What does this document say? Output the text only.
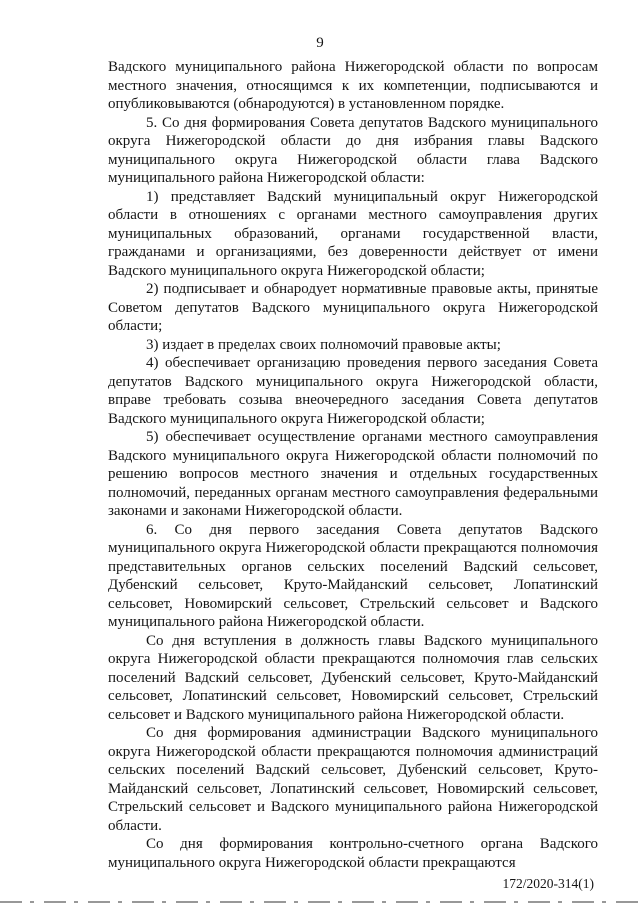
9

Вадского муниципального района Нижегородской области по вопросам местного значения, относящимся к их компетенции, подписываются и опубликовываются (обнародуются) в установленном порядке.

5. Со дня формирования Совета депутатов Вадского муниципального округа Нижегородской области до дня избрания главы Вадского муниципального округа Нижегородской области глава Вадского муниципального района Нижегородской области:

1) представляет Вадский муниципальный округ Нижегородской области в отношениях с органами местного самоуправления других муниципальных образований, органами государственной власти, гражданами и организациями, без доверенности действует от имени Вадского муниципального округа Нижегородской области;

2) подписывает и обнародует нормативные правовые акты, принятые Советом депутатов Вадского муниципального округа Нижегородской области;

3) издает в пределах своих полномочий правовые акты;

4) обеспечивает организацию проведения первого заседания Совета депутатов Вадского муниципального округа Нижегородской области, вправе требовать созыва внеочередного заседания Совета депутатов Вадского муниципального округа Нижегородской области;

5) обеспечивает осуществление органами местного самоуправления Вадского муниципального округа Нижегородской области полномочий по решению вопросов местного значения и отдельных государственных полномочий, переданных органам местного самоуправления федеральными законами и законами Нижегородской области.

6. Со дня первого заседания Совета депутатов Вадского муниципального округа Нижегородской области прекращаются полномочия представительных органов сельских поселений Вадский сельсовет, Дубенский сельсовет, Круто-Майданский сельсовет, Лопатинский сельсовет, Новомирский сельсовет, Стрельский сельсовет и Вадского муниципального района Нижегородской области.

Со дня вступления в должность главы Вадского муниципального округа Нижегородской области прекращаются полномочия глав сельских поселений Вадский сельсовет, Дубенский сельсовет, Круто-Майданский сельсовет, Лопатинский сельсовет, Новомирский сельсовет, Стрельский сельсовет и Вадского муниципального района Нижегородской области.

Со дня формирования администрации Вадского муниципального округа Нижегородской области прекращаются полномочия администраций сельских поселений Вадский сельсовет, Дубенский сельсовет, Круто-Майданский сельсовет, Лопатинский сельсовет, Новомирский сельсовет, Стрельский сельсовет и Вадского муниципального района Нижегородской области.

Со дня формирования контрольно-счетного органа Вадского муниципального округа Нижегородской области прекращаются

172/2020-314(1)
